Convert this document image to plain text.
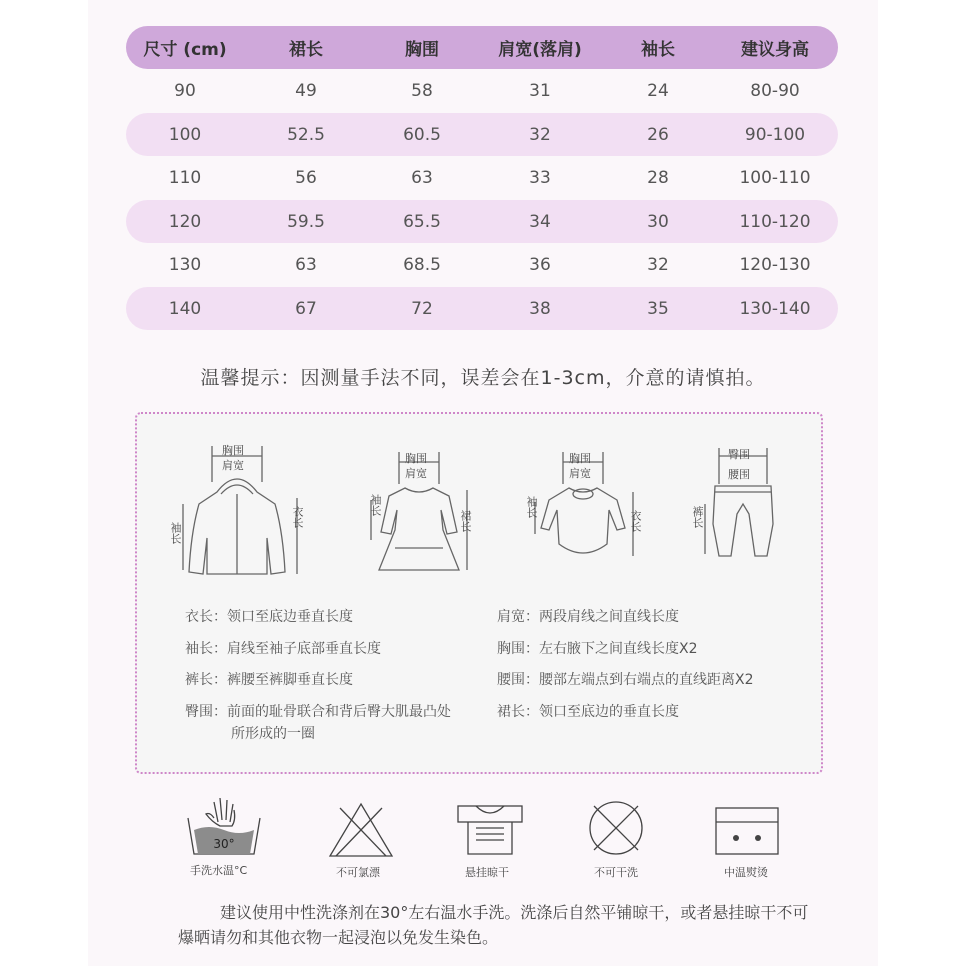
尺寸 (cm)	裙长	胸围	肩宽(落肩)	袖长	建议身高
90	49	58	31	24	80-90
100	52.5	60.5	32	26	90-100
110	56	63	33	28	100-110
120	59.5	65.5	34	30	110-120
130	63	68.5	36	32	120-130
140	67	72	38	35	130-140
温馨提示：因测量手法不同，误差会在1-3cm，介意的请慎拍。
胸围
肩宽
袖长
衣长
胸围
肩宽
袖长
裙长
胸围
肩宽
袖长
衣长
臀围
腰围
裤长
衣长：领口至底边垂直长度
袖长：肩线至袖子底部垂直长度
裤长：裤腰至裤脚垂直长度
臀围：前面的耻骨联合和背后臀大肌最凸处
所形成的一圈
肩宽：两段肩线之间直线长度
胸围：左右腋下之间直线长度X2
腰围：腰部左端点到右端点的直线距离X2
裙长：领口至底边的垂直长度
30°
手洗水温°C	不可氯漂	悬挂晾干	不可干洗	中温熨烫
建议使用中性洗涤剂在30°左右温水手洗。洗涤后自然平铺晾干，或者悬挂晾干不可爆晒请勿和其他衣物一起浸泡以免发生染色。
